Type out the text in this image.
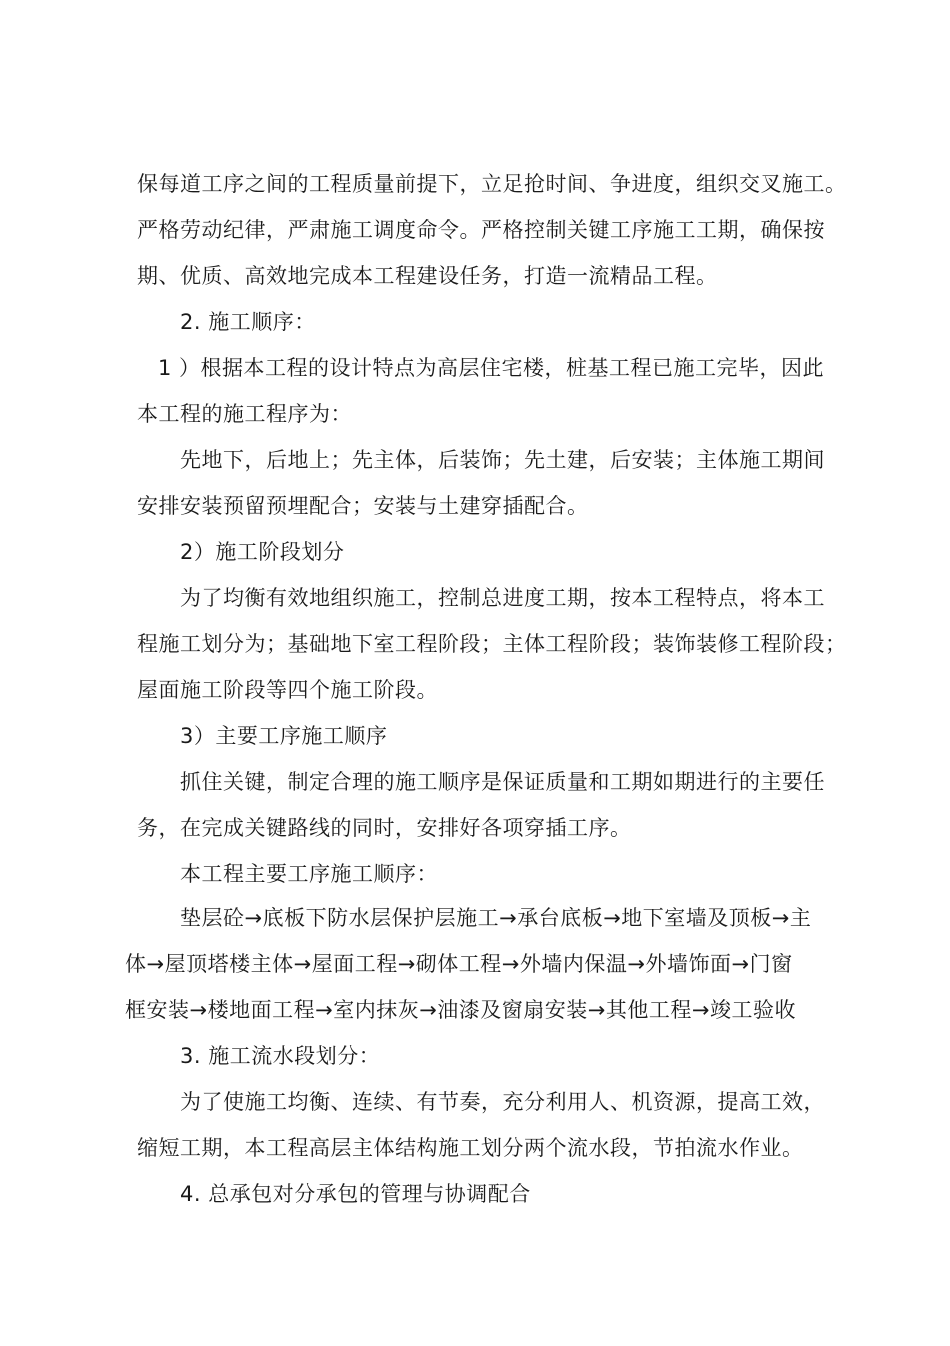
保每道工序之间的工程质量前提下，立足抢时间、争进度，组织交叉施工。
严格劳动纪律，严肃施工调度命令。严格控制关键工序施工工期，确保按
期、优质、高效地完成本工程建设任务，打造一流精品工程。
2. 施工顺序：
1 ）根据本工程的设计特点为高层住宅楼，桩基工程已施工完毕，因此
本工程的施工程序为：
先地下，后地上；先主体，后装饰；先土建，后安装；主体施工期间
安排安装预留预埋配合；安装与土建穿插配合。
2）施工阶段划分
为了均衡有效地组织施工，控制总进度工期，按本工程特点，将本工
程施工划分为；基础地下室工程阶段；主体工程阶段；装饰装修工程阶段；
屋面施工阶段等四个施工阶段。
3）主要工序施工顺序
抓住关键，制定合理的施工顺序是保证质量和工期如期进行的主要任
务，在完成关键路线的同时，安排好各项穿插工序。
本工程主要工序施工顺序：
垫层砼→底板下防水层保护层施工→承台底板→地下室墙及顶板→主
体→屋顶塔楼主体→屋面工程→砌体工程→外墙内保温→外墙饰面→门窗
框安装→楼地面工程→室内抹灰→油漆及窗扇安装→其他工程→竣工验收
3. 施工流水段划分：
为了使施工均衡、连续、有节奏，充分利用人、机资源，提高工效，
缩短工期，本工程高层主体结构施工划分两个流水段，节拍流水作业。
4. 总承包对分承包的管理与协调配合
